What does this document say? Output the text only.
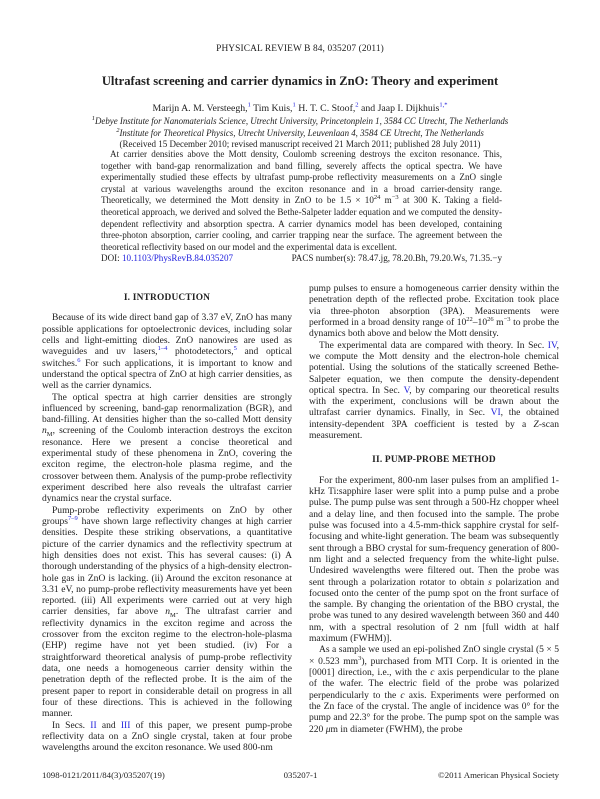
PHYSICAL REVIEW B 84, 035207 (2011)
Ultrafast screening and carrier dynamics in ZnO: Theory and experiment
Marijn A. M. Versteegh,$^1$ Tim Kuis,$^1$ H. T. C. Stoof,$^2$ and Jaap I. Dijkhuis$^{1,*}$
$^1$Debye Institute for Nanomaterials Science, Utrecht University, Princetonplein 1, 3584 CC Utrecht, The Netherlands
$^2$Institute for Theoretical Physics, Utrecht University, Leuvenlaan 4, 3584 CE Utrecht, The Netherlands
(Received 15 December 2010; revised manuscript received 21 March 2011; published 28 July 2011)
At carrier densities above the Mott density, Coulomb screening destroys the exciton resonance. This, together with band-gap renormalization and band filling, severely affects the optical spectra. We have experimentally studied these effects by ultrafast pump-probe reflectivity measurements on a ZnO single crystal at various wavelengths around the exciton resonance and in a broad carrier-density range. Theoretically, we determined the Mott density in ZnO to be $1.5 \times 10^{24}$ $m^{-3}$ at 300 K. Taking a field-theoretical approach, we derived and solved the Bethe-Salpeter ladder equation and we computed the density-dependent reflectivity and absorption spectra. A carrier dynamics model has been developed, containing three-photon absorption, carrier cooling, and carrier trapping near the surface. The agreement between the theoretical reflectivity based on our model and the experimental data is excellent.
DOI: 10.1103/PhysRevB.84.035207	PACS number(s): 78.47.jg, 78.20.Bh, 79.20.Ws, 71.35.−y
I. INTRODUCTION

Because of its wide direct band gap of 3.37 eV, ZnO has many possible applications for optoelectronic devices, including solar cells and light-emitting diodes. ZnO nanowires are used as waveguides and uv lasers,$^{1-4}$ photodetectors,$^5$ and optical switches.$^6$ For such applications, it is important to know and understand the optical spectra of ZnO at high carrier densities, as well as the carrier dynamics.

The optical spectra at high carrier densities are strongly influenced by screening, band-gap renormalization (BGR), and band-filling. At densities higher than the so-called Mott density $n_M$, screening of the Coulomb interaction destroys the exciton resonance. Here we present a concise theoretical and experimental study of these phenomena in ZnO, covering the exciton regime, the electron-hole plasma regime, and the crossover between them. Analysis of the pump-probe reflectivity experiment described here also reveals the ultrafast carrier dynamics near the crystal surface.

Pump-probe reflectivity experiments on ZnO by other groups$^{7-9}$ have shown large reflectivity changes at high carrier densities. Despite these striking observations, a quantitative picture of the carrier dynamics and the reflectivity spectrum at high densities does not exist. This has several causes: (i) A thorough understanding of the physics of a high-density electron-hole gas in ZnO is lacking. (ii) Around the exciton resonance at 3.31 eV, no pump-probe reflectivity measurements have yet been reported. (iii) All experiments were carried out at very high carrier densities, far above $n_M$. The ultrafast carrier and reflectivity dynamics in the exciton regime and across the crossover from the exciton regime to the electron-hole-plasma (EHP) regime have not yet been studied. (iv) For a straightforward theoretical analysis of pump-probe reflectivity data, one needs a homogeneous carrier density within the penetration depth of the reflected probe. It is the aim of the present paper to report in considerable detail on progress in all four of these directions. This is achieved in the following manner.

In Secs. II and III of this paper, we present pump-probe reflectivity data on a ZnO single crystal, taken at four probe wavelengths around the exciton resonance. We used 800-nm

pump pulses to ensure a homogeneous carrier density within the penetration depth of the reflected probe. Excitation took place via three-photon absorption (3PA). Measurements were performed in a broad density range of $10^{22}-10^{26}$ $m^{-3}$ to probe the dynamics both above and below the Mott density.

The experimental data are compared with theory. In Sec. IV, we compute the Mott density and the electron-hole chemical potential. Using the solutions of the statically screened Bethe-Salpeter equation, we then compute the density-dependent optical spectra. In Sec. V, by comparing our theoretical results with the experiment, conclusions will be drawn about the ultrafast carrier dynamics. Finally, in Sec. VI, the obtained intensity-dependent 3PA coefficient is tested by a Z-scan measurement.

II. PUMP-PROBE METHOD

For the experiment, 800-nm laser pulses from an amplified 1-kHz Ti:sapphire laser were split into a pump pulse and a probe pulse. The pump pulse was sent through a 500-Hz chopper wheel and a delay line, and then focused into the sample. The probe pulse was focused into a 4.5-mm-thick sapphire crystal for self-focusing and white-light generation. The beam was subsequently sent through a BBO crystal for sum-frequency generation of 800-nm light and a selected frequency from the white-light pulse. Undesired wavelengths were filtered out. Then the probe was sent through a polarization rotator to obtain s polarization and focused onto the center of the pump spot on the front surface of the sample. By changing the orientation of the BBO crystal, the probe was tuned to any desired wavelength between 360 and 440 nm, with a spectral resolution of 2 nm [full width at half maximum (FWHM)].

As a sample we used an epi-polished ZnO single crystal (5 × 5 × 0.523 $mm^3$), purchased from MTI Corp. It is oriented in the [0001] direction, i.e., with the c axis perpendicular to the plane of the wafer. The electric field of the probe was polarized perpendicularly to the c axis. Experiments were performed on the Zn face of the crystal. The angle of incidence was 0° for the pump and 22.3° for the probe. The pump spot on the sample was 220 μm in diameter (FWHM), the probe

1098-0121/2011/84(3)/035207(19)	035207-1	©2011 American Physical Society
